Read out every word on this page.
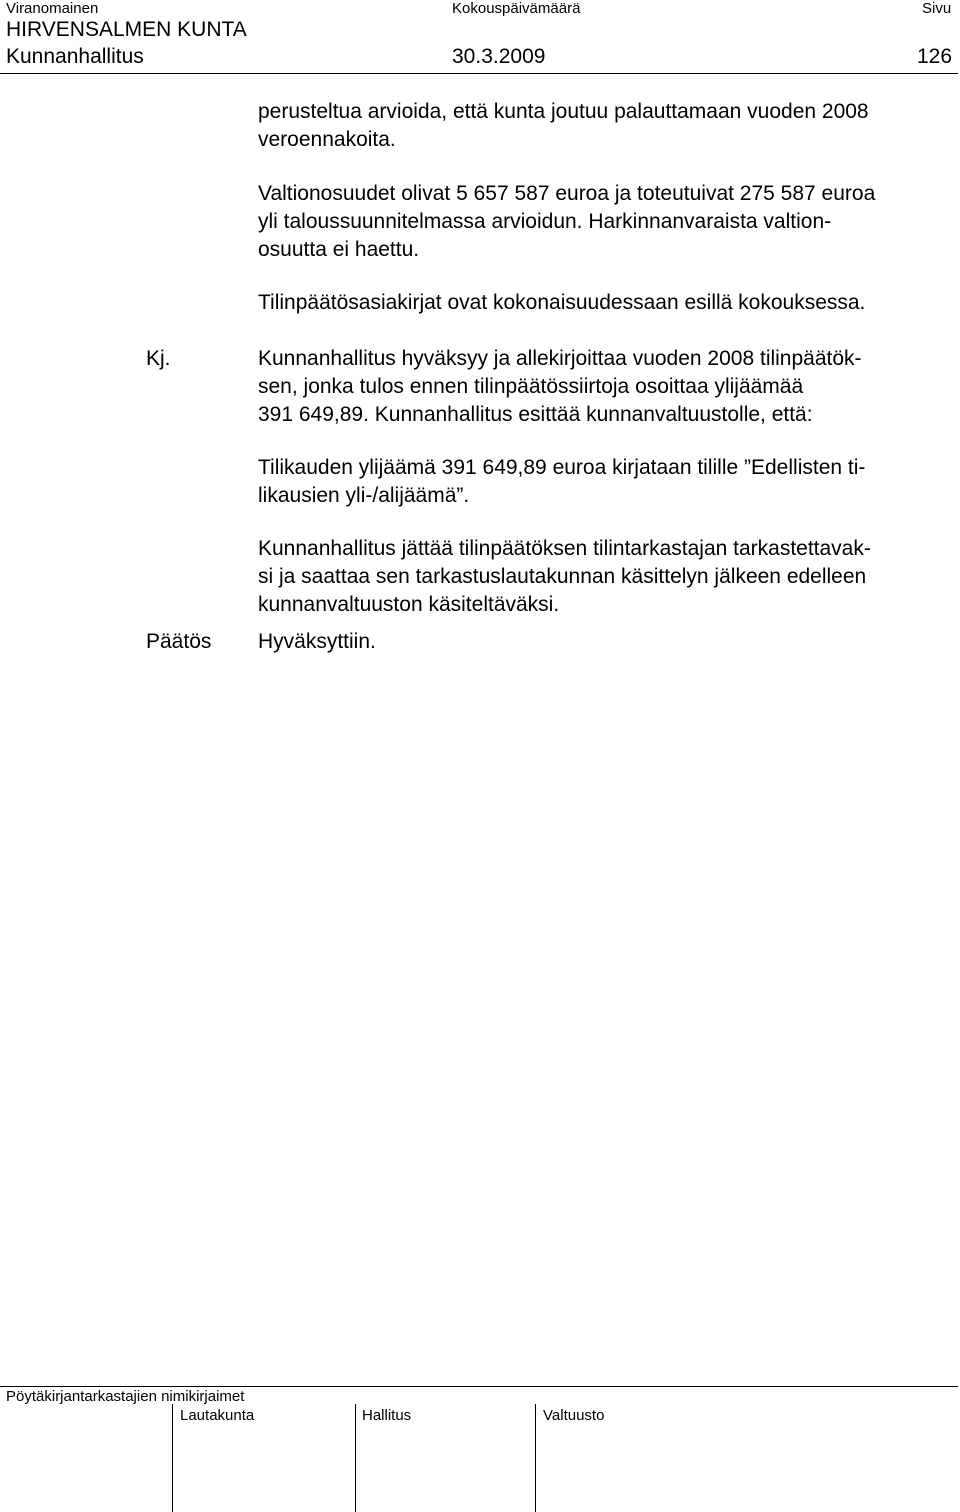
Viranomainen	Kokouspäivämäärä	Sivu
HIRVENSALMEN KUNTA
Kunnanhallitus	30.3.2009	126
perusteltua arvioida, että kunta joutuu palauttamaan vuoden 2008
veroennakoita.
Valtionosuudet olivat 5 657 587 euroa ja toteutuivat 275 587 euroa
yli taloussuunnitelmassa arvioidun. Harkinnanvaraista valtion-
osuutta ei haettu.
Tilinpäätösasiakirjat ovat kokonaisuudessaan esillä kokouksessa.
Kj.	Kunnanhallitus hyväksyy ja allekirjoittaa vuoden 2008 tilinpäätök-
sen, jonka tulos ennen tilinpäätössiirtoja osoittaa ylijäämää
391 649,89. Kunnanhallitus esittää kunnanvaltuustolle, että:
Tilikauden ylijäämä 391 649,89 euroa kirjataan tilille ”Edellisten ti-
likausien yli-/alijäämä”.
Kunnanhallitus jättää tilinpäätöksen tilintarkastajan tarkastettavak-
si ja saattaa sen tarkastuslautakunnan käsittelyn jälkeen edelleen
kunnanvaltuuston käsiteltäväksi.
Päätös Hyväksyttiin.
Pöytäkirjantarkastajien nimikirjaimet
Lautakunta	Hallitus	Valtuusto
